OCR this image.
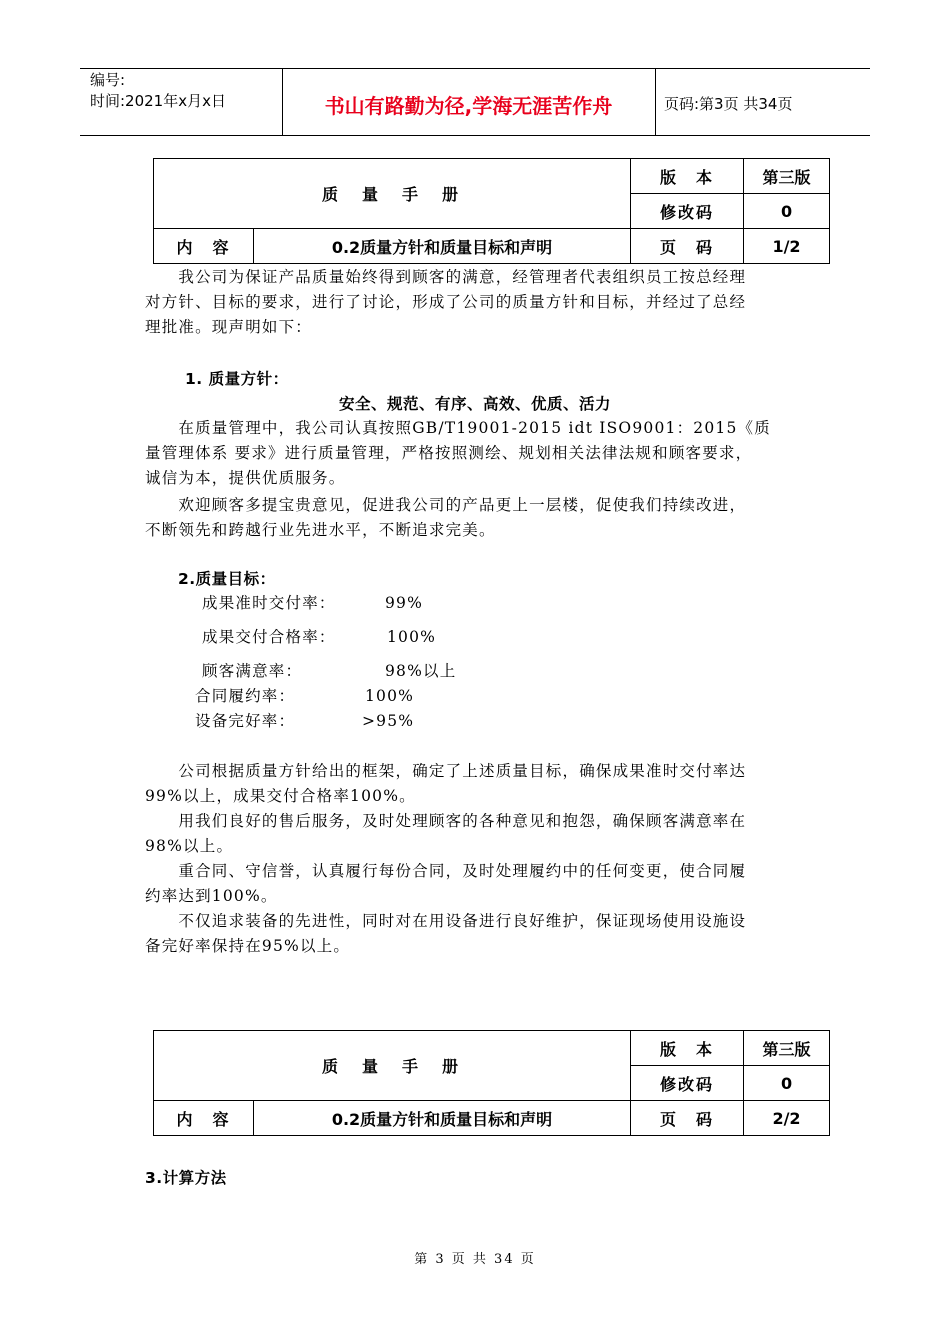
编号:
时间:2021年x月x日	书山有路勤为径,学海无涯苦作舟	页码:第3页 共34页
质　量　手　册		版　本	第三版
		修改码	0
内　容	0.2质量方针和质量目标和声明	页　码	1/2
　　我公司为保证产品质量始终得到顾客的满意，经管理者代表组织员工按总经理
对方针、目标的要求，进行了讨论，形成了公司的质量方针和目标，并经过了总经
理批准。现声明如下：
1. 质量方针：
安全、规范、有序、高效、优质、活力
　　在质量管理中，我公司认真按照GB/T19001-2015 idt ISO9001：2015《质
量管理体系 要求》进行质量管理，严格按照测绘、规划相关法律法规和顾客要求，
诚信为本，提供优质服务。
　　欢迎顾客多提宝贵意见，促进我公司的产品更上一层楼，促使我们持续改进，
不断领先和跨越行业先进水平，不断追求完美。
2.质量目标：
成果准时交付率：	99%
成果交付合格率：	100%
顾客满意率：	98%以上
合同履约率：	100%
设备完好率：	>95%
　　公司根据质量方针给出的框架，确定了上述质量目标，确保成果准时交付率达
99%以上，成果交付合格率100%。
　　用我们良好的售后服务，及时处理顾客的各种意见和抱怨，确保顾客满意率在
98%以上。
　　重合同、守信誉，认真履行每份合同，及时处理履约中的任何变更，使合同履
约率达到100%。
　　不仅追求装备的先进性，同时对在用设备进行良好维护，保证现场使用设施设
备完好率保持在95%以上。
质　量　手　册		版　本	第三版
		修改码	0
内　容	0.2质量方针和质量目标和声明	页　码	2/2
3.计算方法
第 3 页 共 34 页
